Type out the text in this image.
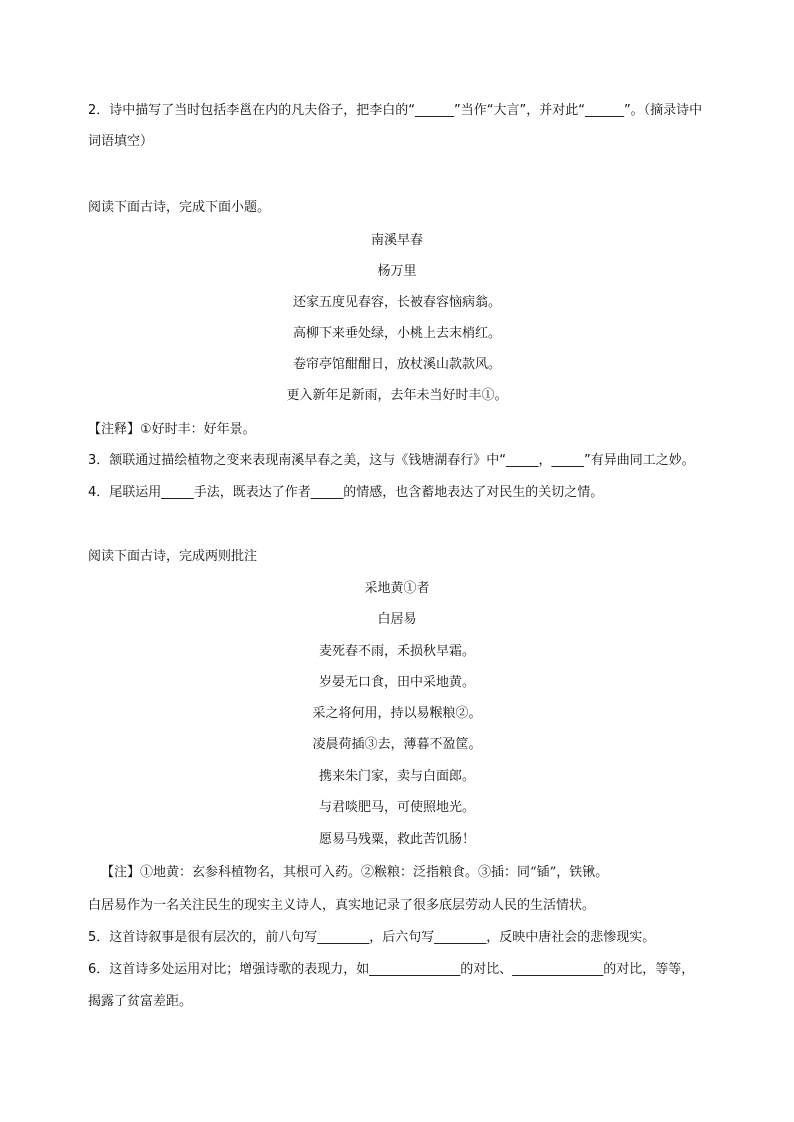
2．诗中描写了当时包括李邕在内的凡夫俗子，把李白的“______”当作“大言”，并对此“______”。（摘录诗中
词语填空）
阅读下面古诗，完成下面小题。
南溪早春
杨万里
还家五度见春容，长被春容恼病翁。
高柳下来垂处绿，小桃上去末梢红。
卷帘亭馆酣酣日，放杖溪山款款风。
更入新年足新雨，去年未当好时丰①。
【注释】①好时丰：好年景。
3．颔联通过描绘植物之变来表现南溪早春之美，这与《钱塘湖春行》中“_____，_____”有异曲同工之妙。
4．尾联运用_____手法，既表达了作者_____的情感，也含蓄地表达了对民生的关切之情。
阅读下面古诗，完成两则批注
采地黄①者
白居易
麦死春不雨，禾损秋早霜。
岁晏无口食，田中采地黄。
采之将何用，持以易糇粮②。
凌晨荷插③去，薄暮不盈筐。
携来朱门家，卖与白面郎。
与君啖肥马，可使照地光。
愿易马残粟，救此苦饥肠！
【注】①地黄：玄参科植物名，其根可入药。②糇粮：泛指粮食。③插：同“锸”，铁锹。
白居易作为一名关注民生的现实主义诗人，真实地记录了很多底层劳动人民的生活情状。
5．这首诗叙事是很有层次的，前八句写________，后六句写________，反映中唐社会的悲惨现实。
6．这首诗多处运用对比；增强诗歌的表现力，如______________的对比、______________的对比，等等，
揭露了贫富差距。
